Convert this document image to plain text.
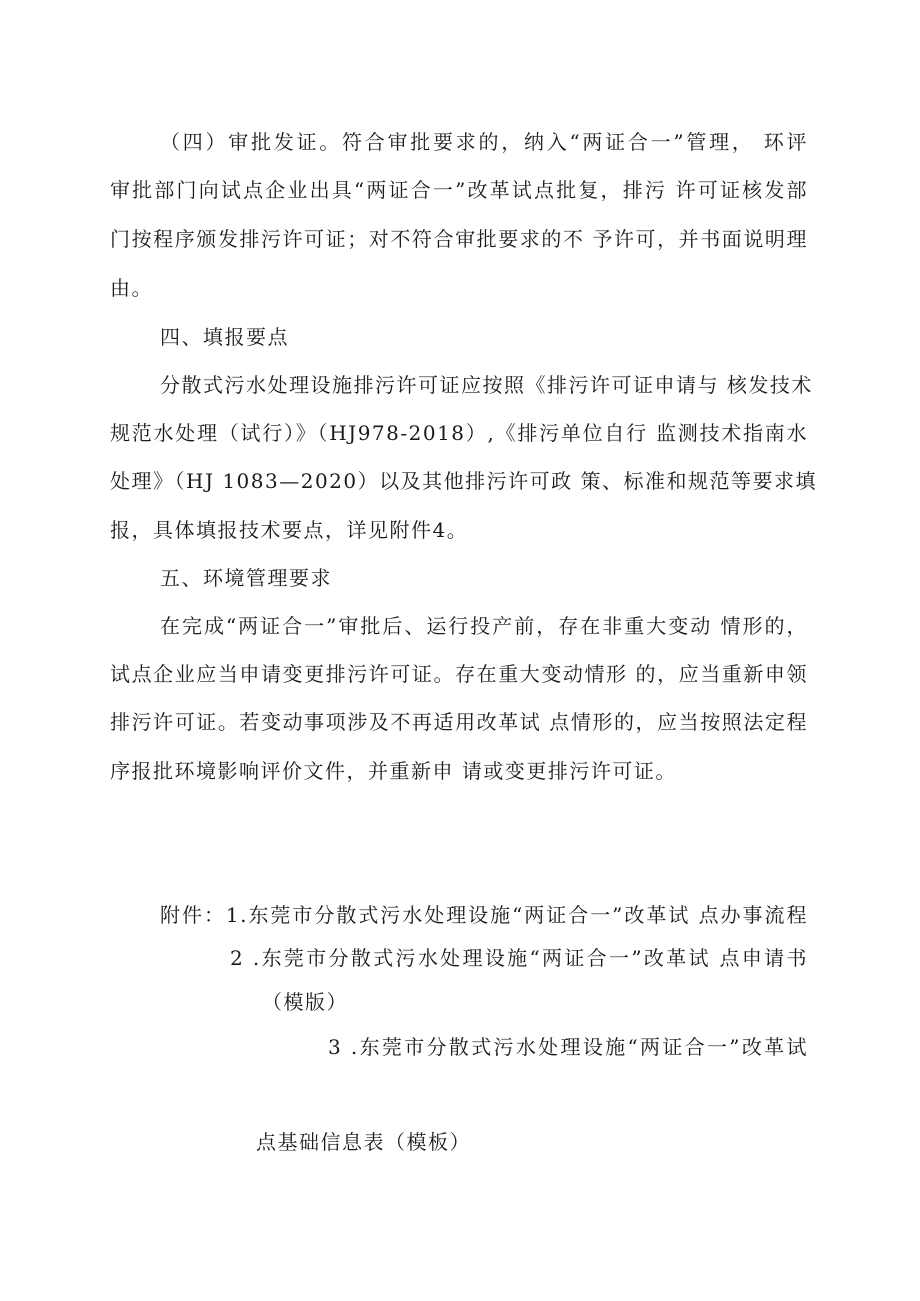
（四）审批发证。符合审批要求的，纳入“两证合一”管理， 环评
审批部门向试点企业出具“两证合一”改革试点批复，排污 许可证核发部
门按程序颁发排污许可证；对不符合审批要求的不 予许可，并书面说明理
由。
四、填报要点
分散式污水处理设施排污许可证应按照《排污许可证申请与 核发技术
规范水处理（试行）》（HJ978-2018）,《排污单位自行 监测技术指南水
处理》（HJ 1083—2020）以及其他排污许可政 策、标准和规范等要求填
报，具体填报技术要点，详见附件4。
五、环境管理要求
在完成“两证合一”审批后、运行投产前，存在非重大变动 情形的，
试点企业应当申请变更排污许可证。存在重大变动情形 的，应当重新申领
排污许可证。若变动事项涉及不再适用改革试 点情形的，应当按照法定程
序报批环境影响评价文件，并重新申 请或变更排污许可证。
附件：1.东莞市分散式污水处理设施“两证合一”改革试 点办事流程
2 .东莞市分散式污水处理设施“两证合一”改革试 点申请书
（模版）
3 .东莞市分散式污水处理设施“两证合一”改革试
点基础信息表（模板）
